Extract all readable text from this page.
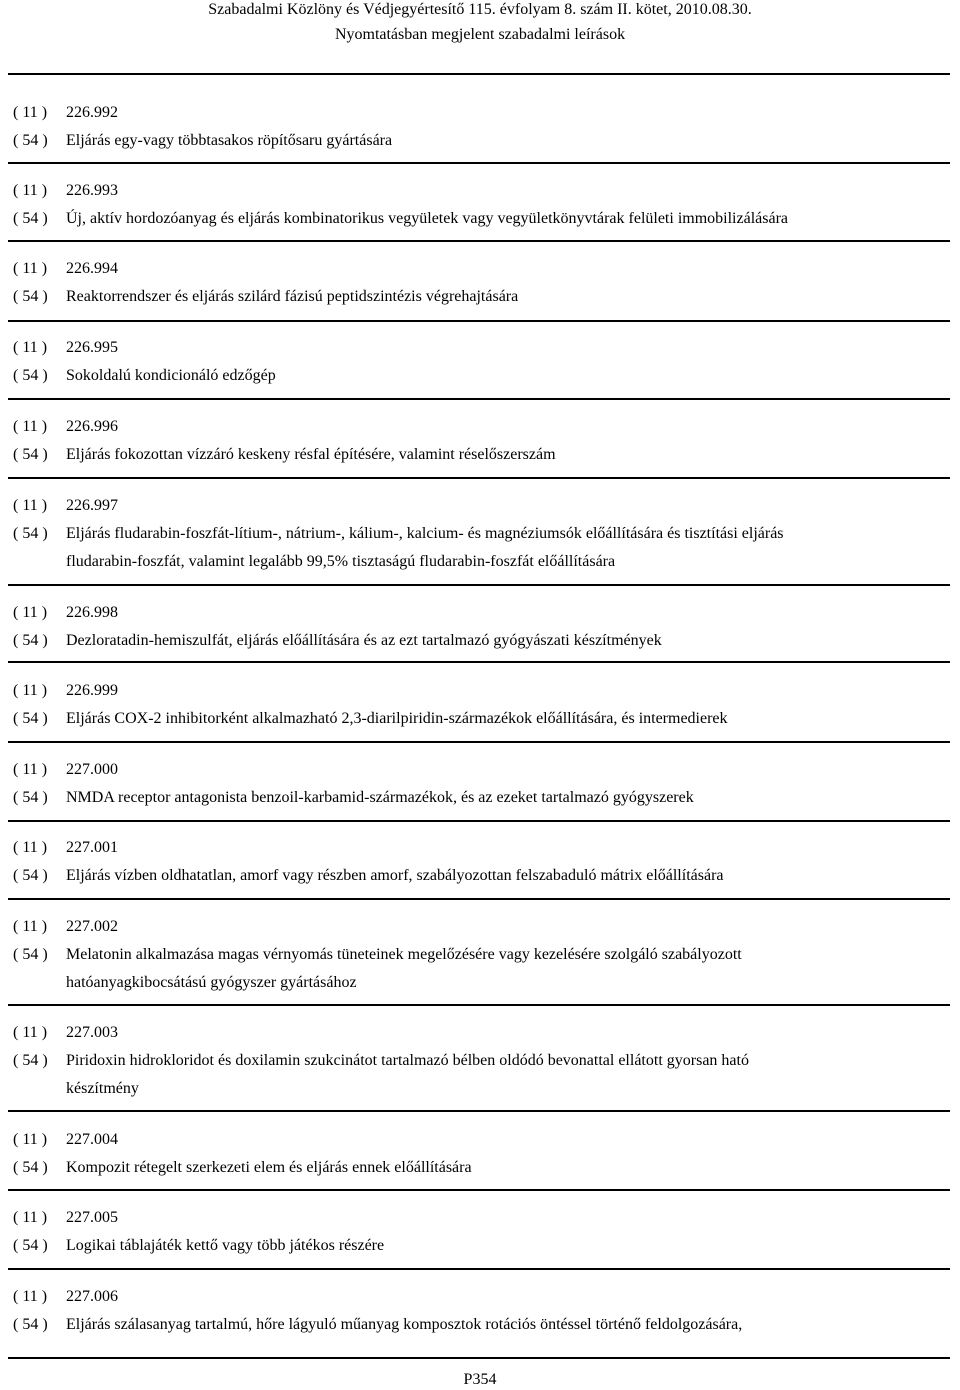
Szabadalmi Közlöny és Védjegyértesítő 115. évfolyam 8. szám II. kötet, 2010.08.30.
Nyomtatásban megjelent szabadalmi leírások
( 11 ) 226.992
( 54 ) Eljárás egy-vagy többtasakos röpítősaru gyártására
( 11 ) 226.993
( 54 ) Új, aktív hordozóanyag és eljárás kombinatorikus vegyületek vagy vegyületkönyvtárak felületi immobilizálására
( 11 ) 226.994
( 54 ) Reaktorrendszer és eljárás szilárd fázisú peptidszintézis végrehajtására
( 11 ) 226.995
( 54 ) Sokoldalú kondicionáló edzőgép
( 11 ) 226.996
( 54 ) Eljárás fokozottan vízzáró keskeny résfal építésére, valamint réselőszerszám
( 11 ) 226.997
( 54 ) Eljárás fludarabin-foszfát-lítium-, nátrium-, kálium-, kalcium- és magnéziumsók előállítására és tisztítási eljárás
fludarabin-foszfát, valamint legalább 99,5% tisztaságú fludarabin-foszfát előállítására
( 11 ) 226.998
( 54 ) Dezloratadin-hemiszulfát, eljárás előállítására és az ezt tartalmazó gyógyászati készítmények
( 11 ) 226.999
( 54 ) Eljárás COX-2 inhibitorként alkalmazható 2,3-diarilpiridin-származékok előállítására, és intermedierek
( 11 ) 227.000
( 54 ) NMDA receptor antagonista benzoil-karbamid-származékok, és az ezeket tartalmazó gyógyszerek
( 11 ) 227.001
( 54 ) Eljárás vízben oldhatatlan, amorf vagy részben amorf, szabályozottan felszabaduló mátrix előállítására
( 11 ) 227.002
( 54 ) Melatonin alkalmazása magas vérnyomás tüneteinek megelőzésére vagy kezelésére szolgáló szabályozott
hatóanyagkibocsátású gyógyszer gyártásához
( 11 ) 227.003
( 54 ) Piridoxin hidrokloridot és doxilamin szukcinátot tartalmazó bélben oldódó bevonattal ellátott gyorsan ható
készítmény
( 11 ) 227.004
( 54 ) Kompozit rétegelt szerkezeti elem és eljárás ennek előállítására
( 11 ) 227.005
( 54 ) Logikai táblajáték kettő vagy több játékos részére
( 11 ) 227.006
( 54 ) Eljárás szálasanyag tartalmú, hőre lágyuló műanyag komposztok rotációs öntéssel történő feldolgozására,
P354
